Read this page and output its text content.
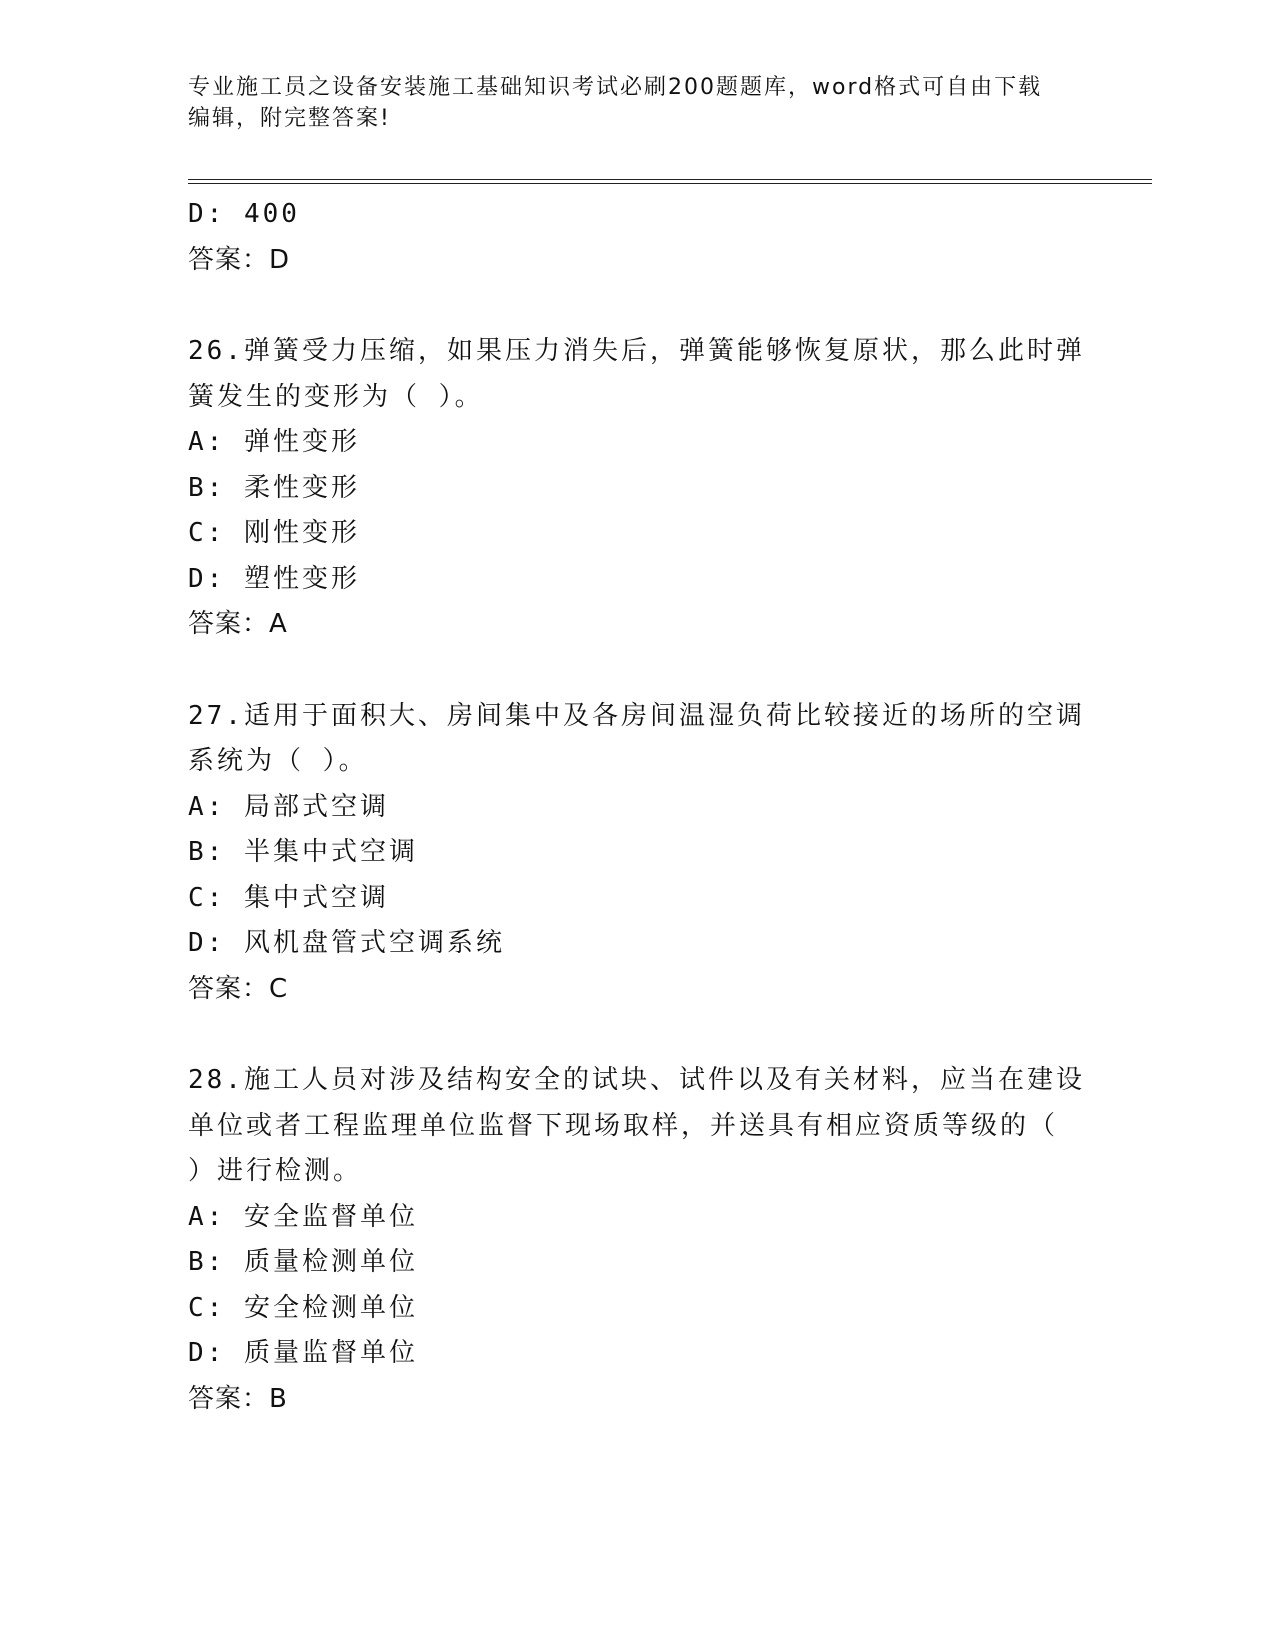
专业施工员之设备安装施工基础知识考试必刷200题题库，word格式可自由下载
编辑，附完整答案!
D: 400
答案：D
26.弹簧受力压缩，如果压力消失后，弹簧能够恢复原状，那么此时弹
簧发生的变形为（ ）。
A: 弹性变形
B: 柔性变形
C: 刚性变形
D: 塑性变形
答案：A
27.适用于面积大、房间集中及各房间温湿负荷比较接近的场所的空调
系统为（ ）。
A: 局部式空调
B: 半集中式空调
C: 集中式空调
D: 风机盘管式空调系统
答案：C
28.施工人员对涉及结构安全的试块、试件以及有关材料，应当在建设
单位或者工程监理单位监督下现场取样，并送具有相应资质等级的（
）进行检测。
A: 安全监督单位
B: 质量检测单位
C: 安全检测单位
D: 质量监督单位
答案：B
